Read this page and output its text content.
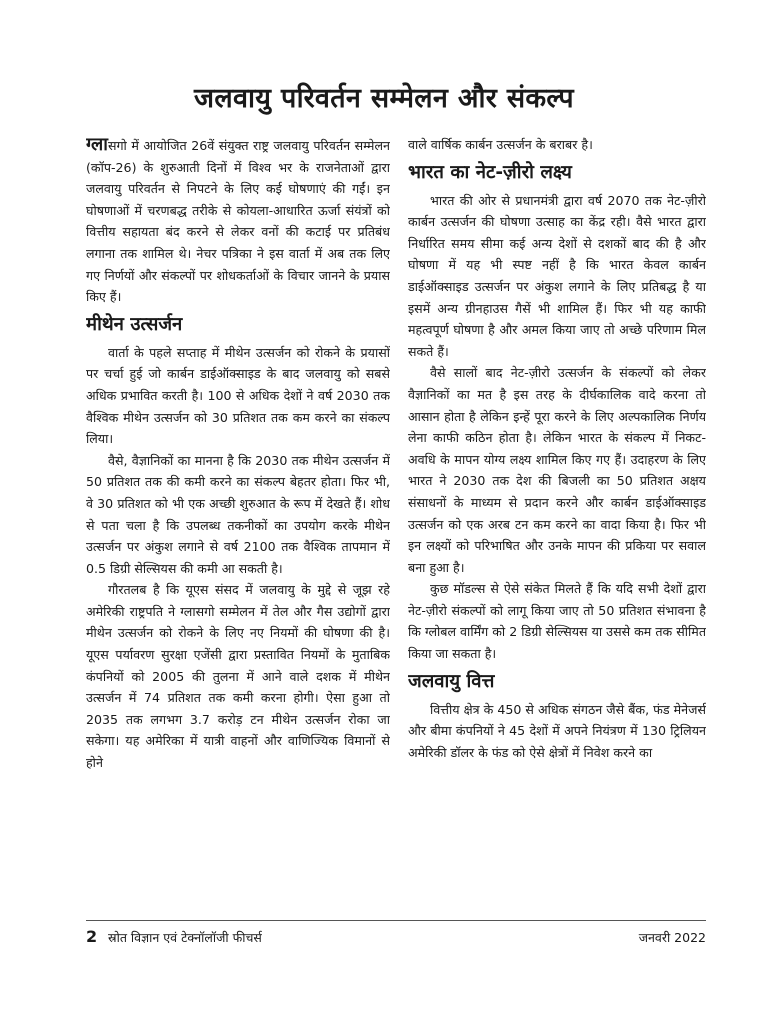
जलवायु परिवर्तन सम्मेलन और संकल्प

ग्लासगो में आयोजित 26वें संयुक्त राष्ट्र जलवायु परिवर्तन सम्मेलन (कॉप-26) के शुरुआती दिनों में विश्व भर के राजनेताओं द्वारा जलवायु परिवर्तन से निपटने के लिए कई घोषणाएं की गईं। इन घोषणाओं में चरणबद्ध तरीके से कोयला-आधारित ऊर्जा संयंत्रों को वित्तीय सहायता बंद करने से लेकर वनों की कटाई पर प्रतिबंध लगाना तक शामिल थे। नेचर पत्रिका ने इस वार्ता में अब तक लिए गए निर्णयों और संकल्पों पर शोधकर्ताओं के विचार जानने के प्रयास किए हैं।

मीथेन उत्सर्जन

वार्ता के पहले सप्ताह में मीथेन उत्सर्जन को रोकने के प्रयासों पर चर्चा हुई जो कार्बन डाईऑक्साइड के बाद जलवायु को सबसे अधिक प्रभावित करती है। 100 से अधिक देशों ने वर्ष 2030 तक वैश्विक मीथेन उत्सर्जन को 30 प्रतिशत तक कम करने का संकल्प लिया।

वैसे, वैज्ञानिकों का मानना है कि 2030 तक मीथेन उत्सर्जन में 50 प्रतिशत तक की कमी करने का संकल्प बेहतर होता। फिर भी, वे 30 प्रतिशत को भी एक अच्छी शुरुआत के रूप में देखते हैं। शोध से पता चला है कि उपलब्ध तकनीकों का उपयोग करके मीथेन उत्सर्जन पर अंकुश लगाने से वर्ष 2100 तक वैश्विक तापमान में 0.5 डिग्री सेल्सियस की कमी आ सकती है।

गौरतलब है कि यूएस संसद में जलवायु के मुद्दे से जूझ रहे अमेरिकी राष्ट्रपति ने ग्लासगो सम्मेलन में तेल और गैस उद्योगों द्वारा मीथेन उत्सर्जन को रोकने के लिए नए नियमों की घोषणा की है। यूएस पर्यावरण सुरक्षा एजेंसी द्वारा प्रस्तावित नियमों के मुताबिक कंपनियों को 2005 की तुलना में आने वाले दशक में मीथेन उत्सर्जन में 74 प्रतिशत तक कमी करना होगी। ऐसा हुआ तो 2035 तक लगभग 3.7 करोड़ टन मीथेन उत्सर्जन रोका जा सकेगा। यह अमेरिका में यात्री वाहनों और वाणिज्यिक विमानों से होने

वाले वार्षिक कार्बन उत्सर्जन के बराबर है।

भारत का नेट-ज़ीरो लक्ष्य

भारत की ओर से प्रधानमंत्री द्वारा वर्ष 2070 तक नेट-ज़ीरो कार्बन उत्सर्जन की घोषणा उत्साह का केंद्र रही। वैसे भारत द्वारा निर्धारित समय सीमा कई अन्य देशों से दशकों बाद की है और घोषणा में यह भी स्पष्ट नहीं है कि भारत केवल कार्बन डाईऑक्साइड उत्सर्जन पर अंकुश लगाने के लिए प्रतिबद्ध है या इसमें अन्य ग्रीनहाउस गैसें भी शामिल हैं। फिर भी यह काफी महत्वपूर्ण घोषणा है और अमल किया जाए तो अच्छे परिणाम मिल सकते हैं।

वैसे सालों बाद नेट-ज़ीरो उत्सर्जन के संकल्पों को लेकर वैज्ञानिकों का मत है इस तरह के दीर्घकालिक वादे करना तो आसान होता है लेकिन इन्हें पूरा करने के लिए अल्पकालिक निर्णय लेना काफी कठिन होता है। लेकिन भारत के संकल्प में निकट-अवधि के मापन योग्य लक्ष्य शामिल किए गए हैं। उदाहरण के लिए भारत ने 2030 तक देश की बिजली का 50 प्रतिशत अक्षय संसाधनों के माध्यम से प्रदान करने और कार्बन डाईऑक्साइड उत्सर्जन को एक अरब टन कम करने का वादा किया है। फिर भी इन लक्ष्यों को परिभाषित और उनके मापन की प्रकिया पर सवाल बना हुआ है।

कुछ मॉडल्स से ऐसे संकेत मिलते हैं कि यदि सभी देशों द्वारा नेट-ज़ीरो संकल्पों को लागू किया जाए तो 50 प्रतिशत संभावना है कि ग्लोबल वार्मिंग को 2 डिग्री सेल्सियस या उससे कम तक सीमित किया जा सकता है।

जलवायु वित्त

वित्तीय क्षेत्र के 450 से अधिक संगठन जैसे बैंक, फंड मेनेजर्स और बीमा कंपनियों ने 45 देशों में अपने नियंत्रण में 130 ट्रिलियन अमेरिकी डॉलर के फंड को ऐसे क्षेत्रों में निवेश करने का

2 स्रोत विज्ञान एवं टेक्नॉलॉजी फीचर्स	जनवरी 2022
